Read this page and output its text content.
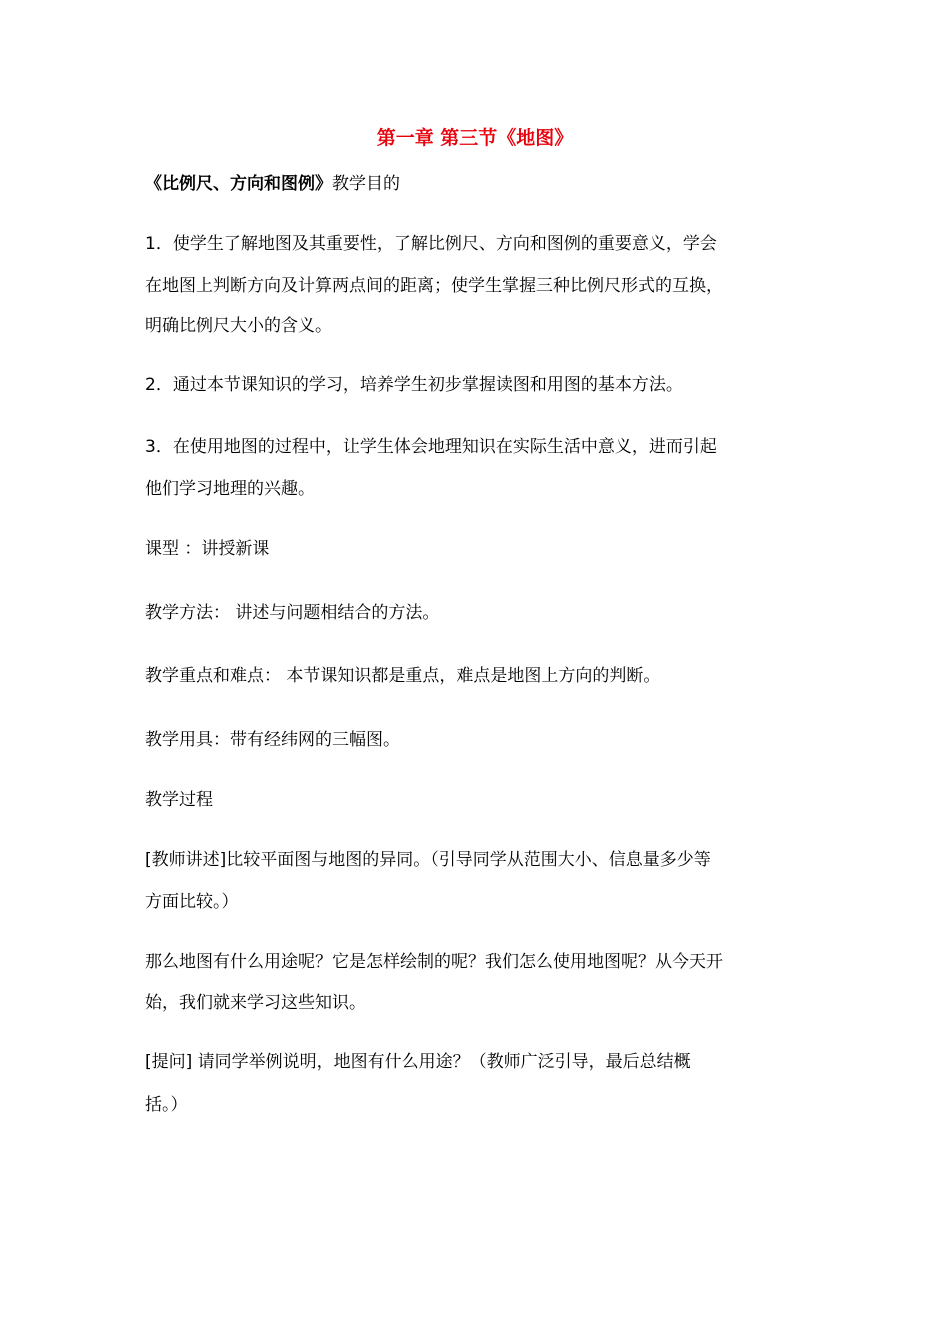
第一章 第三节《地图》

《比例尺、方向和图例》教学目的

1．使学生了解地图及其重要性，了解比例尺、方向和图例的重要意义，学会

在地图上判断方向及计算两点间的距离；使学生掌握三种比例尺形式的互换，

明确比例尺大小的含义。

2．通过本节课知识的学习，培养学生初步掌握读图和用图的基本方法。

3．在使用地图的过程中，让学生体会地理知识在实际生活中意义，进而引起

他们学习地理的兴趣。

课型 ：讲授新课

教学方法： 讲述与问题相结合的方法。

教学重点和难点： 本节课知识都是重点，难点是地图上方向的判断。

教学用具：带有经纬网的三幅图。

教学过程

[教师讲述]比较平面图与地图的异同。（引导同学从范围大小、信息量多少等

方面比较。）

那么地图有什么用途呢？它是怎样绘制的呢？我们怎么使用地图呢？从今天开

始，我们就来学习这些知识。

[提问] 请同学举例说明，地图有什么用途？（教师广泛引导，最后总结概

括。）
